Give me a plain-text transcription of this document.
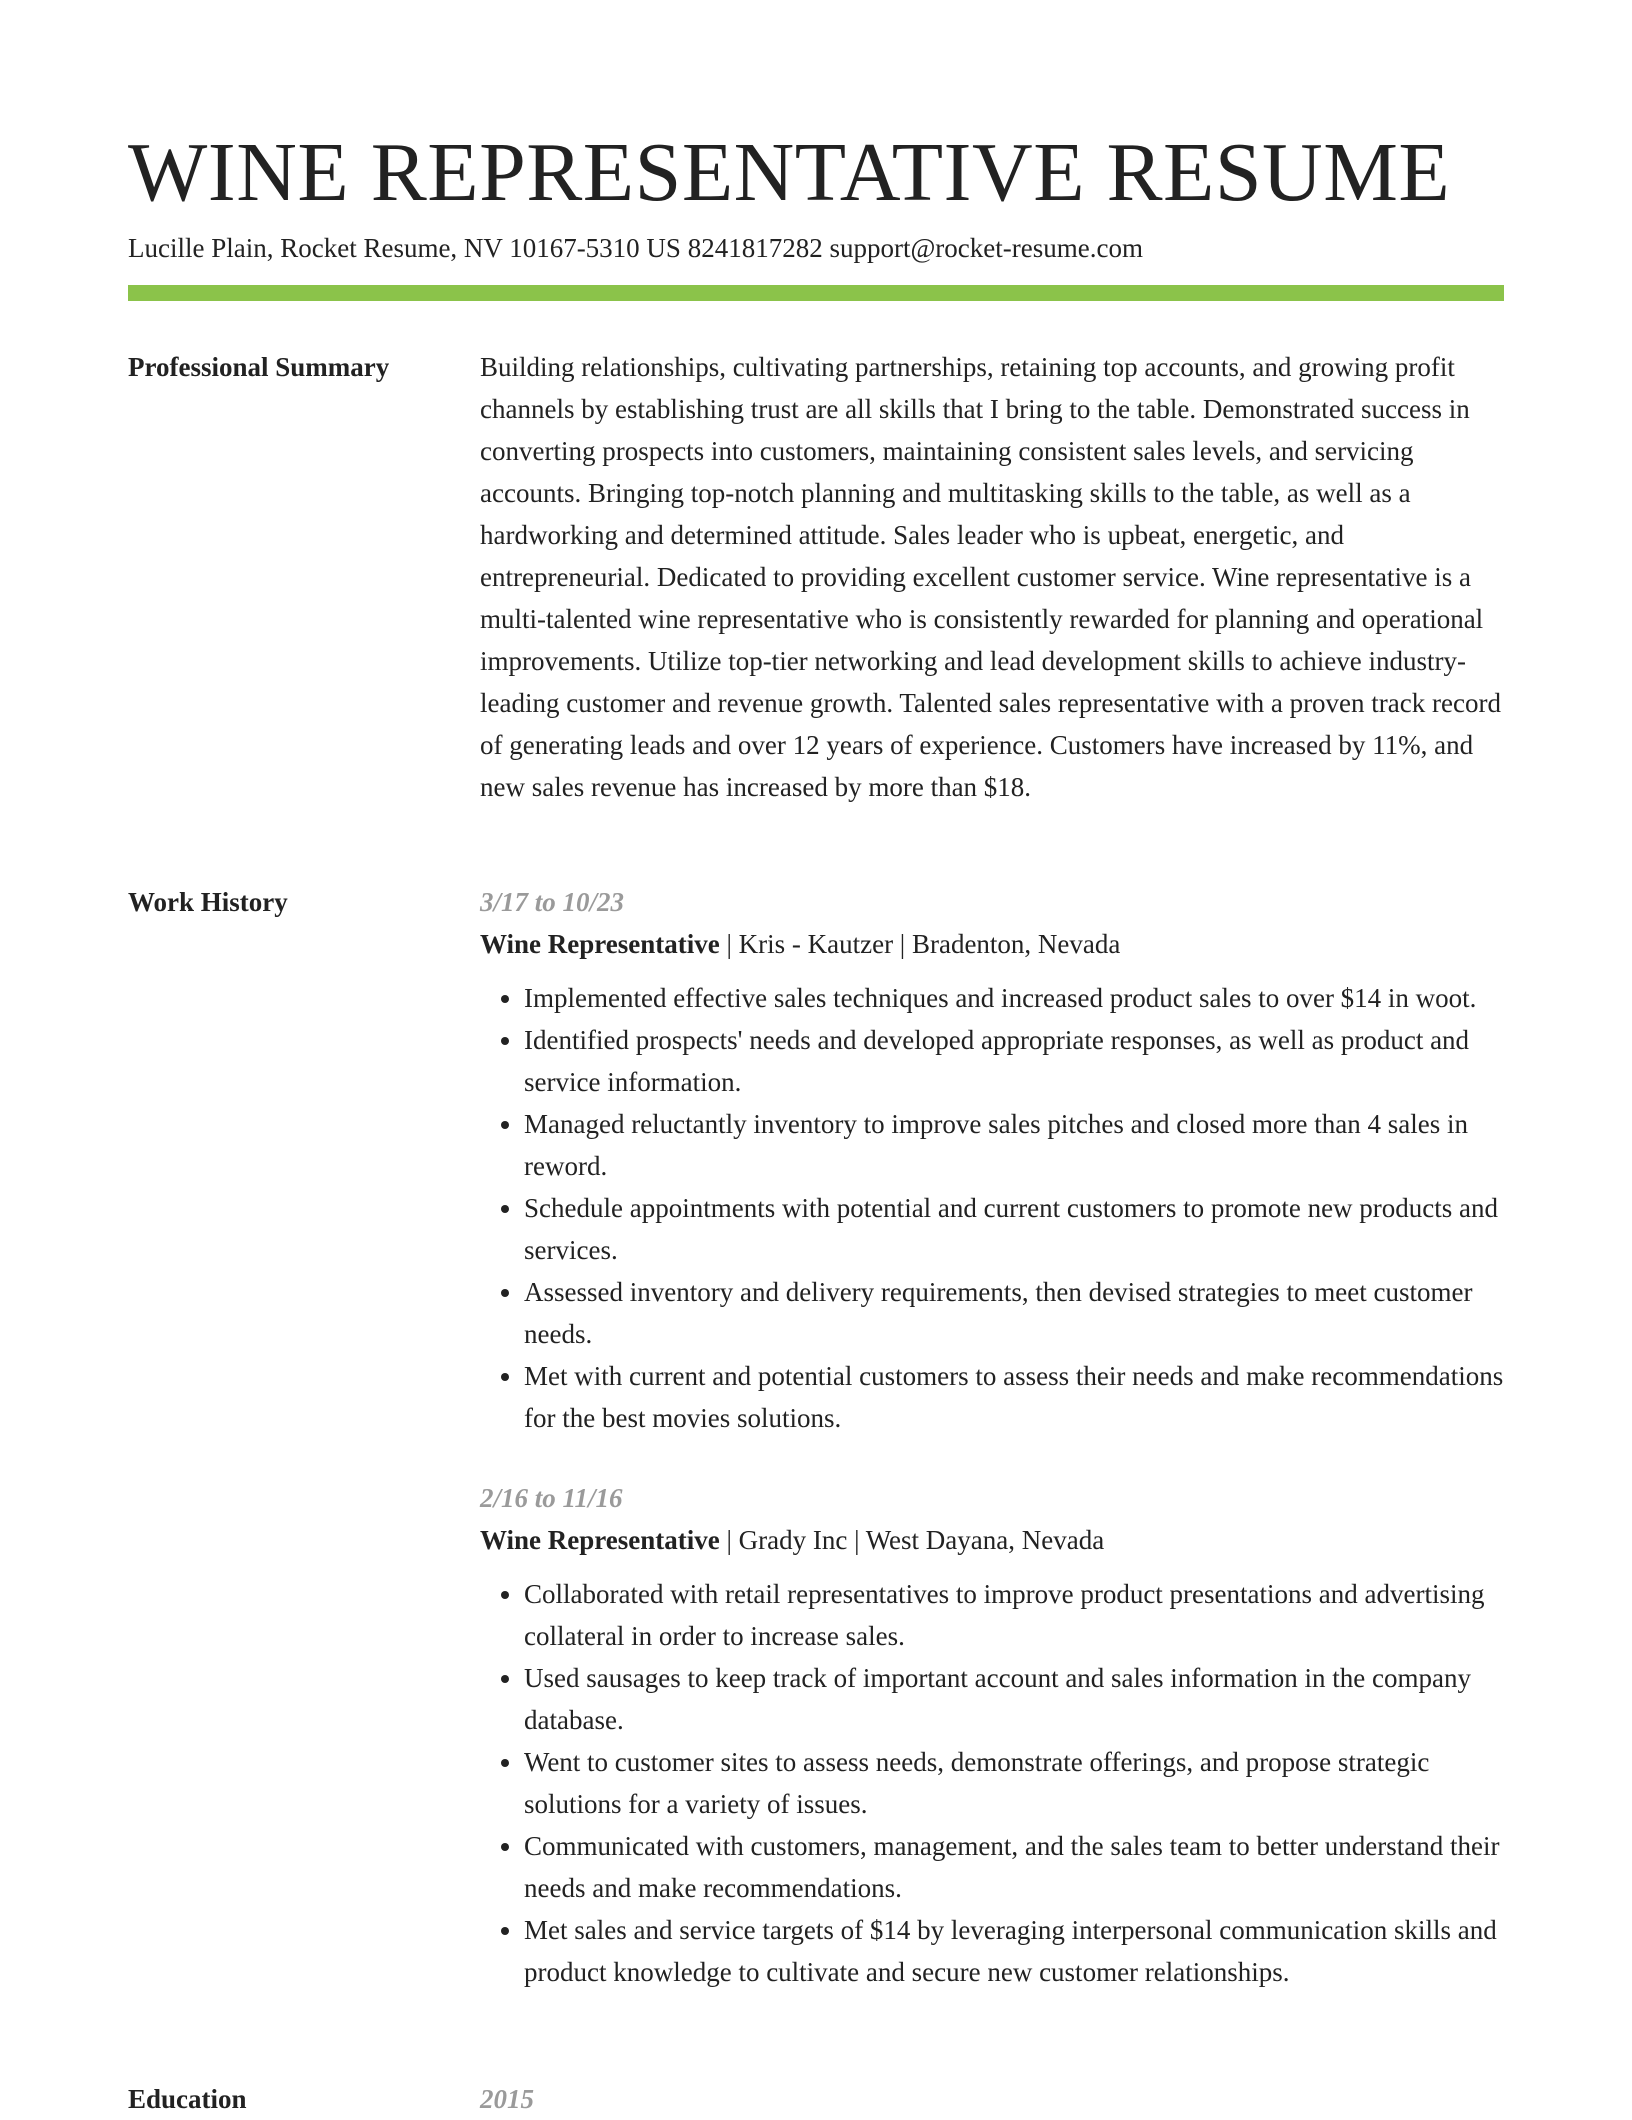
WINE REPRESENTATIVE RESUME
Lucille Plain, Rocket Resume, NV 10167-5310 US 8241817282 support@rocket-resume.com
Professional Summary	Building relationships, cultivating partnerships, retaining top accounts, and growing profit channels by establishing trust are all skills that I bring to the table. Demonstrated success in converting prospects into customers, maintaining consistent sales levels, and servicing accounts. Bringing top-notch planning and multitasking skills to the table, as well as a hardworking and determined attitude. Sales leader who is upbeat, energetic, and entrepreneurial. Dedicated to providing excellent customer service. Wine representative is a multi-talented wine representative who is consistently rewarded for planning and operational improvements. Utilize top-tier networking and lead development skills to achieve industry-leading customer and revenue growth. Talented sales representative with a proven track record of generating leads and over 12 years of experience. Customers have increased by 11%, and new sales revenue has increased by more than $18.

Work History	3/17 to 10/23
Wine Representative | Kris - Kautzer | Bradenton, Nevada
• Implemented effective sales techniques and increased product sales to over $14 in woot.
• Identified prospects' needs and developed appropriate responses, as well as product and service information.
• Managed reluctantly inventory to improve sales pitches and closed more than 4 sales in reword.
• Schedule appointments with potential and current customers to promote new products and services.
• Assessed inventory and delivery requirements, then devised strategies to meet customer needs.
• Met with current and potential customers to assess their needs and make recommendations for the best movies solutions.
2/16 to 11/16
Wine Representative | Grady Inc | West Dayana, Nevada
• Collaborated with retail representatives to improve product presentations and advertising collateral in order to increase sales.
• Used sausages to keep track of important account and sales information in the company database.
• Went to customer sites to assess needs, demonstrate offerings, and propose strategic solutions for a variety of issues.
• Communicated with customers, management, and the sales team to better understand their needs and make recommendations.
• Met sales and service targets of $14 by leveraging interpersonal communication skills and product knowledge to cultivate and secure new customer relationships.
Education	2015
